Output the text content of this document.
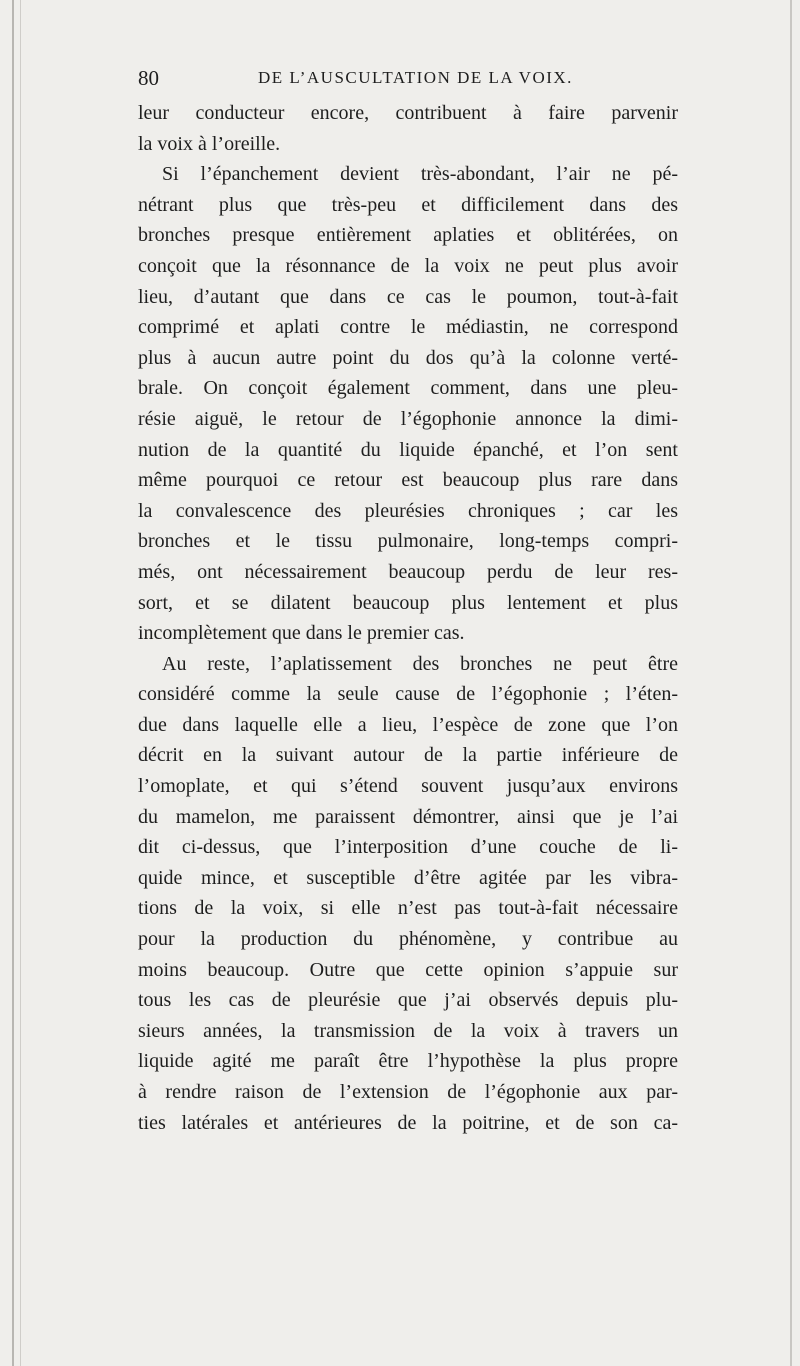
80	DE L’AUSCULTATION DE LA VOIX.
leur conducteur encore, contribuent à faire parvenir
la voix à l’oreille.
Si l’épanchement devient très-abondant, l’air ne pé-
nétrant plus que très-peu et difficilement dans des
bronches presque entièrement aplaties et oblitérées, on
conçoit que la résonnance de la voix ne peut plus avoir
lieu, d’autant que dans ce cas le poumon, tout-à-fait
comprimé et aplati contre le médiastin, ne correspond
plus à aucun autre point du dos qu’à la colonne verté-
brale. On conçoit également comment, dans une pleu-
résie aiguë, le retour de l’égophonie annonce la dimi-
nution de la quantité du liquide épanché, et l’on sent
même pourquoi ce retour est beaucoup plus rare dans
la convalescence des pleurésies chroniques ; car les
bronches et le tissu pulmonaire, long-temps compri-
més, ont nécessairement beaucoup perdu de leur res-
sort, et se dilatent beaucoup plus lentement et plus
incomplètement que dans le premier cas.
Au reste, l’aplatissement des bronches ne peut être
considéré comme la seule cause de l’égophonie ; l’éten-
due dans laquelle elle a lieu, l’espèce de zone que l’on
décrit en la suivant autour de la partie inférieure de
l’omoplate, et qui s’étend souvent jusqu’aux environs
du mamelon, me paraissent démontrer, ainsi que je l’ai
dit ci-dessus, que l’interposition d’une couche de li-
quide mince, et susceptible d’être agitée par les vibra-
tions de la voix, si elle n’est pas tout-à-fait nécessaire
pour la production du phénomène, y contribue au
moins beaucoup. Outre que cette opinion s’appuie sur
tous les cas de pleurésie que j’ai observés depuis plu-
sieurs années, la transmission de la voix à travers un
liquide agité me paraît être l’hypothèse la plus propre
à rendre raison de l’extension de l’égophonie aux par-
ties latérales et antérieures de la poitrine, et de son ca-
